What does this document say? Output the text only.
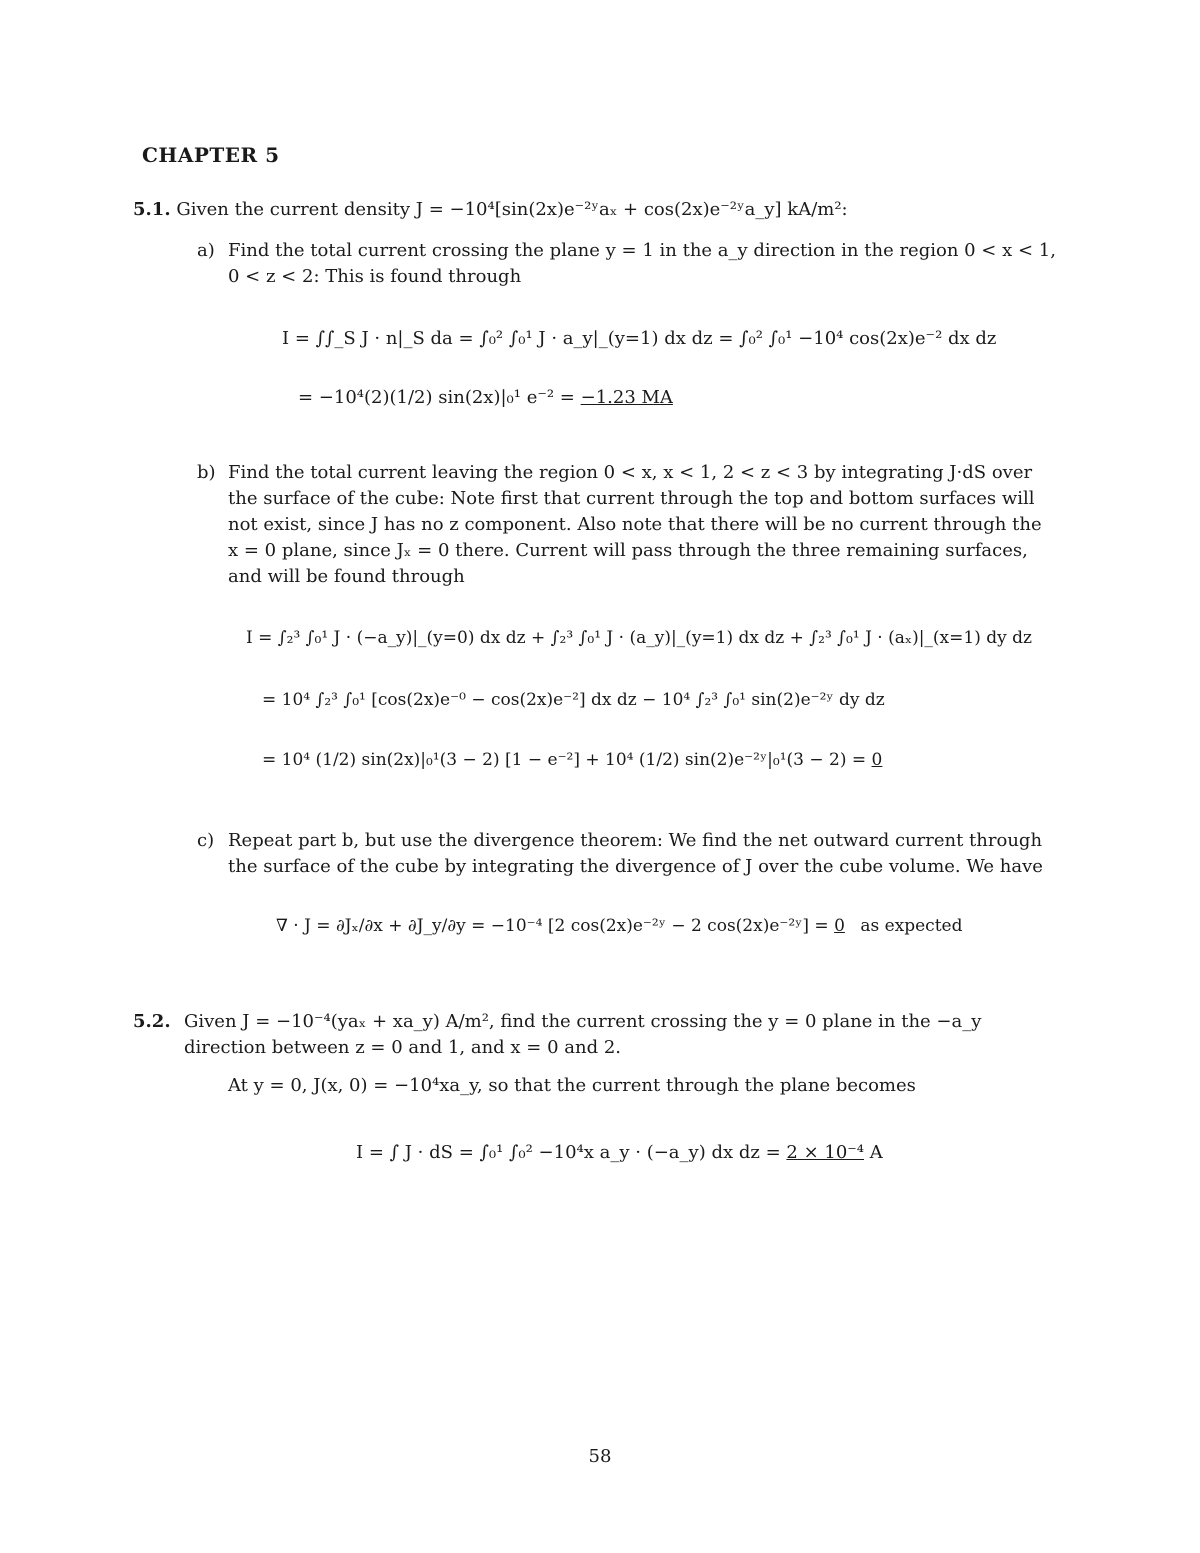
CHAPTER 5
5.1. Given the current density J = −10⁴[sin(2x)e⁻²ʸaₓ + cos(2x)e⁻²ʸa_y] kA/m²:
a) Find the total current crossing the plane y = 1 in the a_y direction in the region 0 < x < 1,
0 < z < 2: This is found through
I = ∫∫_S J · n|_S da = ∫₀² ∫₀¹ J · a_y|_(y=1) dx dz = ∫₀² ∫₀¹ −10⁴ cos(2x)e⁻² dx dz
= −10⁴(2)(1/2) sin(2x)|₀¹ e⁻² = −1.23 MA
b) Find the total current leaving the region 0 < x, x < 1, 2 < z < 3 by integrating J·dS over
the surface of the cube: Note first that current through the top and bottom surfaces will
not exist, since J has no z component. Also note that there will be no current through the
x = 0 plane, since Jₓ = 0 there. Current will pass through the three remaining surfaces,
and will be found through
I = ∫₂³ ∫₀¹ J · (−a_y)|_(y=0) dx dz + ∫₂³ ∫₀¹ J · (a_y)|_(y=1) dx dz + ∫₂³ ∫₀¹ J · (aₓ)|_(x=1) dy dz
= 10⁴ ∫₂³ ∫₀¹ [cos(2x)e⁻⁰ − cos(2x)e⁻²] dx dz − 10⁴ ∫₂³ ∫₀¹ sin(2)e⁻²ʸ dy dz
= 10⁴ (1/2) sin(2x)|₀¹(3 − 2) [1 − e⁻²] + 10⁴ (1/2) sin(2)e⁻²ʸ|₀¹(3 − 2) = 0
c) Repeat part b, but use the divergence theorem: We find the net outward current through
the surface of the cube by integrating the divergence of J over the cube volume. We have
∇ · J = ∂Jₓ/∂x + ∂J_y/∂y = −10⁻⁴ [2 cos(2x)e⁻²ʸ − 2 cos(2x)e⁻²ʸ] = 0 as expected
5.2. Given J = −10⁻⁴(yaₓ + xa_y) A/m², find the current crossing the y = 0 plane in the −a_y
direction between z = 0 and 1, and x = 0 and 2.
At y = 0, J(x, 0) = −10⁴xa_y, so that the current through the plane becomes
I = ∫ J · dS = ∫₀¹ ∫₀² −10⁴x a_y · (−a_y) dx dz = 2 × 10⁻⁴ A
58
